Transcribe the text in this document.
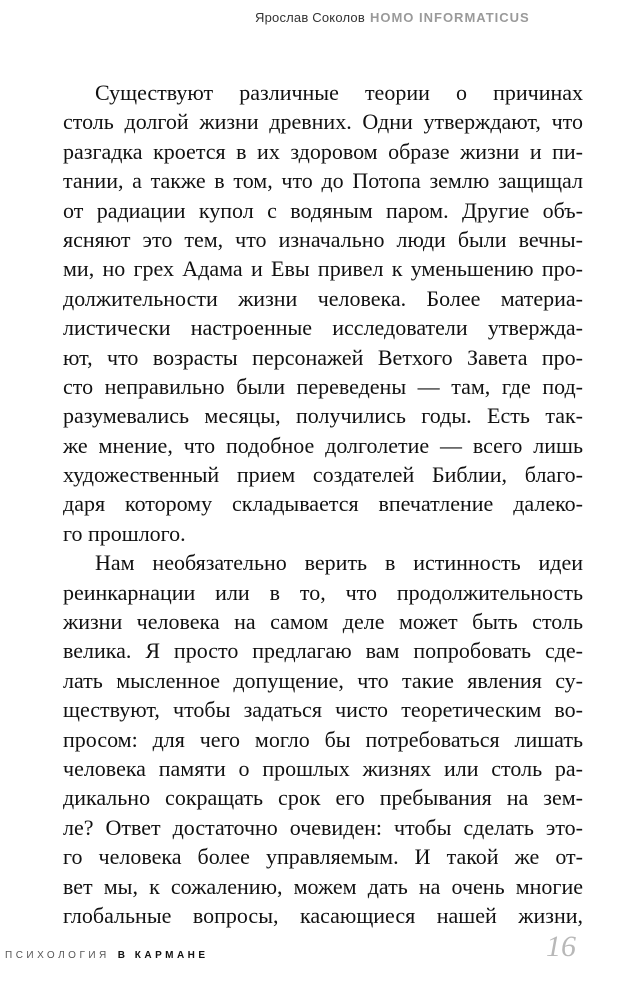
Ярослав Соколов HOMO INFORMATICUS
Существуют различные теории о причинах
столь долгой жизни древних. Одни утверждают, что
разгадка кроется в их здоровом образе жизни и пи-
тании, а также в том, что до Потопа землю защищал
от радиации купол с водяным паром. Другие объ-
ясняют это тем, что изначально люди были вечны-
ми, но грех Адама и Евы привел к уменьшению про-
должительности жизни человека. Более материа-
листически настроенные исследователи утвержда-
ют, что возрасты персонажей Ветхого Завета про-
сто неправильно были переведены — там, где под-
разумевались месяцы, получились годы. Есть так-
же мнение, что подобное долголетие — всего лишь
художественный прием создателей Библии, благо-
даря которому складывается впечатление далеко-
го прошлого.
Нам необязательно верить в истинность идеи
реинкарнации или в то, что продолжительность
жизни человека на самом деле может быть столь
велика. Я просто предлагаю вам попробовать сде-
лать мысленное допущение, что такие явления су-
ществуют, чтобы задаться чисто теоретическим во-
просом: для чего могло бы потребоваться лишать
человека памяти о прошлых жизнях или столь ра-
дикально сокращать срок его пребывания на зем-
ле? Ответ достаточно очевиден: чтобы сделать это-
го человека более управляемым. И такой же от-
вет мы, к сожалению, можем дать на очень многие
глобальные вопросы, касающиеся нашей жизни,
ПСИХОЛОГИЯ В КАРМАНЕ	16
